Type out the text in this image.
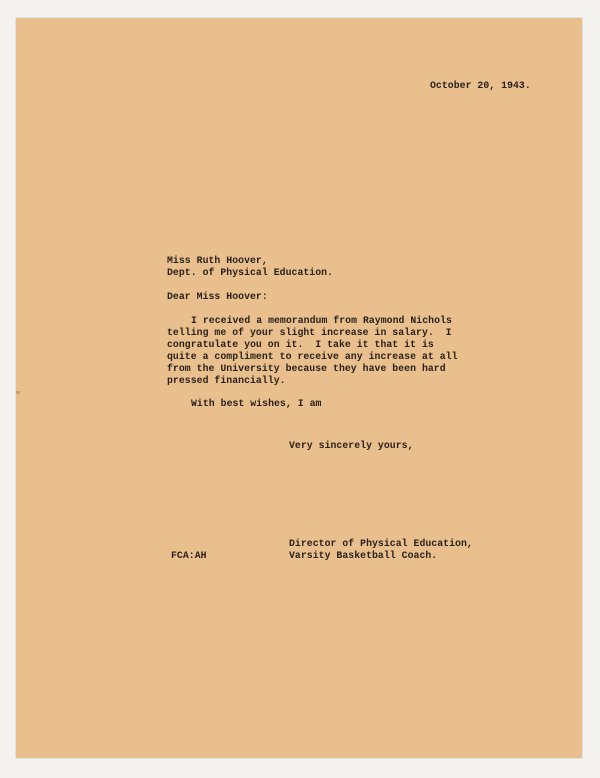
October 20, 1943.

Miss Ruth Hoover,

Dept. of Physical Education.

Dear Miss Hoover:

I received a memorandum from Raymond Nichols

telling me of your slight increase in salary.  I

congratulate you on it.  I take it that it is

quite a compliment to receive any increase at all

from the University because they have been hard

pressed financially.

With best wishes, I am

Very sincerely yours,

Director of Physical Education,

Varsity Basketball Coach.

FCA:AH
